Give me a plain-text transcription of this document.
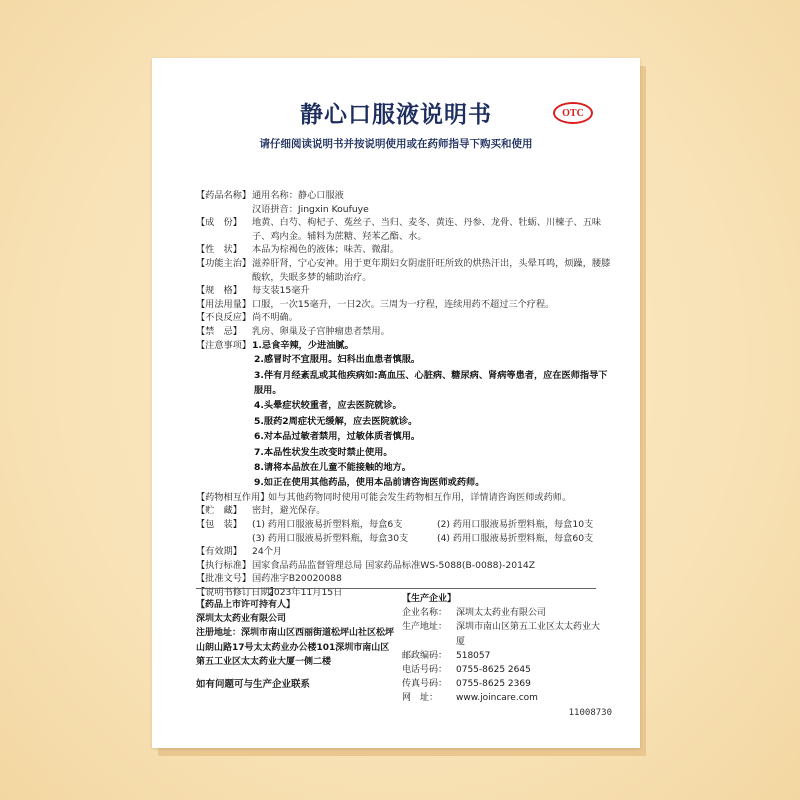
静心口服液说明书	OTC
请仔细阅读说明书并按说明使用或在药师指导下购买和使用
【药品名称】 通用名称：静心口服液
汉语拼音：Jingxin Koufuye
【成　份】	地黄、白芍、枸杞子、菟丝子、当归、麦冬、黄连、丹参、龙骨、牡蛎、川楝子、五味子、鸡内金。辅料为蔗糖、羟苯乙酯、水。
【性　状】	本品为棕褐色的液体；味苦、微甜。
【功能主治】 滋养肝肾，宁心安神。用于更年期妇女阴虚肝旺所致的烘热汗出，头晕耳鸣，烦躁，腰膝酸软，失眠多梦的辅助治疗。
【规　格】	每支装15毫升
【用法用量】 口服，一次15毫升，一日2次。三周为一疗程，连续用药不超过三个疗程。
【不良反应】 尚不明确。
【禁　忌】	乳房、卵巢及子宫肿瘤患者禁用。
【注意事项】 1.忌食辛辣，少进油腻。
2.感冒时不宜服用。妇科出血患者慎服。
3.伴有月经紊乱或其他疾病如:高血压、心脏病、糖尿病、肾病等患者，应在医师指导下服用。
4.头晕症状较重者，应去医院就诊。
5.服药2周症状无缓解，应去医院就诊。
6.对本品过敏者禁用，过敏体质者慎用。
7.本品性状发生改变时禁止使用。
8.请将本品放在儿童不能接触的地方。
9.如正在使用其他药品，使用本品前请咨询医师或药师。
【药物相互作用】
如与其他药物同时使用可能会发生药物相互作用，详情请咨询医师或药师。
【贮　藏】	密封，避光保存。
【包　装】	(1) 药用口服液易折塑料瓶，每盒6支	(2) 药用口服液易折塑料瓶，每盒10支
(3) 药用口服液易折塑料瓶，每盒30支	(4) 药用口服液易折塑料瓶，每盒60支
【有效期】	24个月
【执行标准】 国家食品药品监督管理总局 国家药品标准WS-5088(B-0088)-2014Z
【批准文号】 国药准字B20020088
【说明书修订日期】
2023年11月15日
【药品上市许可持有人】
深圳太太药业有限公司
注册地址：深圳市南山区西丽街道松坪山社区松坪山朗山路17号太太药业办公楼101深圳市南山区第五工业区太太药业大厦一侧二楼
【生产企业】
企业名称： 深圳太太药业有限公司
生产地址： 深圳市南山区第五工业区太太药业大厦
邮政编码： 518057
电话号码： 0755-8625 2645
传真号码： 0755-8625 2369
网　址：	www.joincare.com
如有问题可与生产企业联系
11008730
